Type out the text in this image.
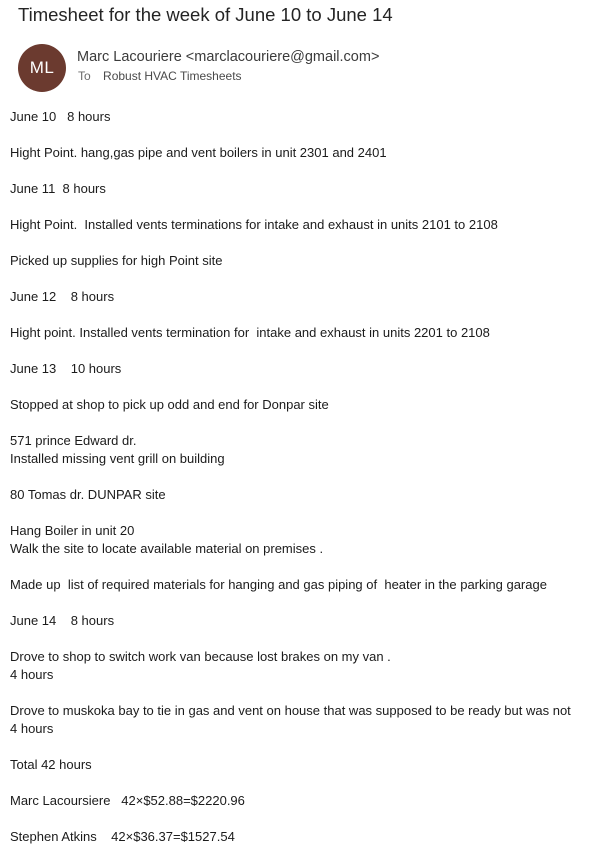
Timesheet for the week of June 10 to June 14
ML
Marc Lacouriere <marclacouriere@gmail.com>
To Robust HVAC Timesheets

June 10   8 hours

Hight Point. hang,gas pipe and vent boilers in unit 2301 and 2401

June 11  8 hours

Hight Point.  Installed vents terminations for intake and exhaust in units 2101 to 2108

Picked up supplies for high Point site

June 12    8 hours

Hight point. Installed vents termination for  intake and exhaust in units 2201 to 2108

June 13    10 hours

Stopped at shop to pick up odd and end for Donpar site

571 prince Edward dr.
Installed missing vent grill on building

80 Tomas dr. DUNPAR site

Hang Boiler in unit 20
Walk the site to locate available material on premises .

Made up  list of required materials for hanging and gas piping of  heater in the parking garage

June 14    8 hours

Drove to shop to switch work van because lost brakes on my van .
4 hours

Drove to muskoka bay to tie in gas and vent on house that was supposed to be ready but was not
4 hours

Total 42 hours

Marc Lacoursiere   42×$52.88=$2220.96

Stephen Atkins    42×$36.37=$1527.54
